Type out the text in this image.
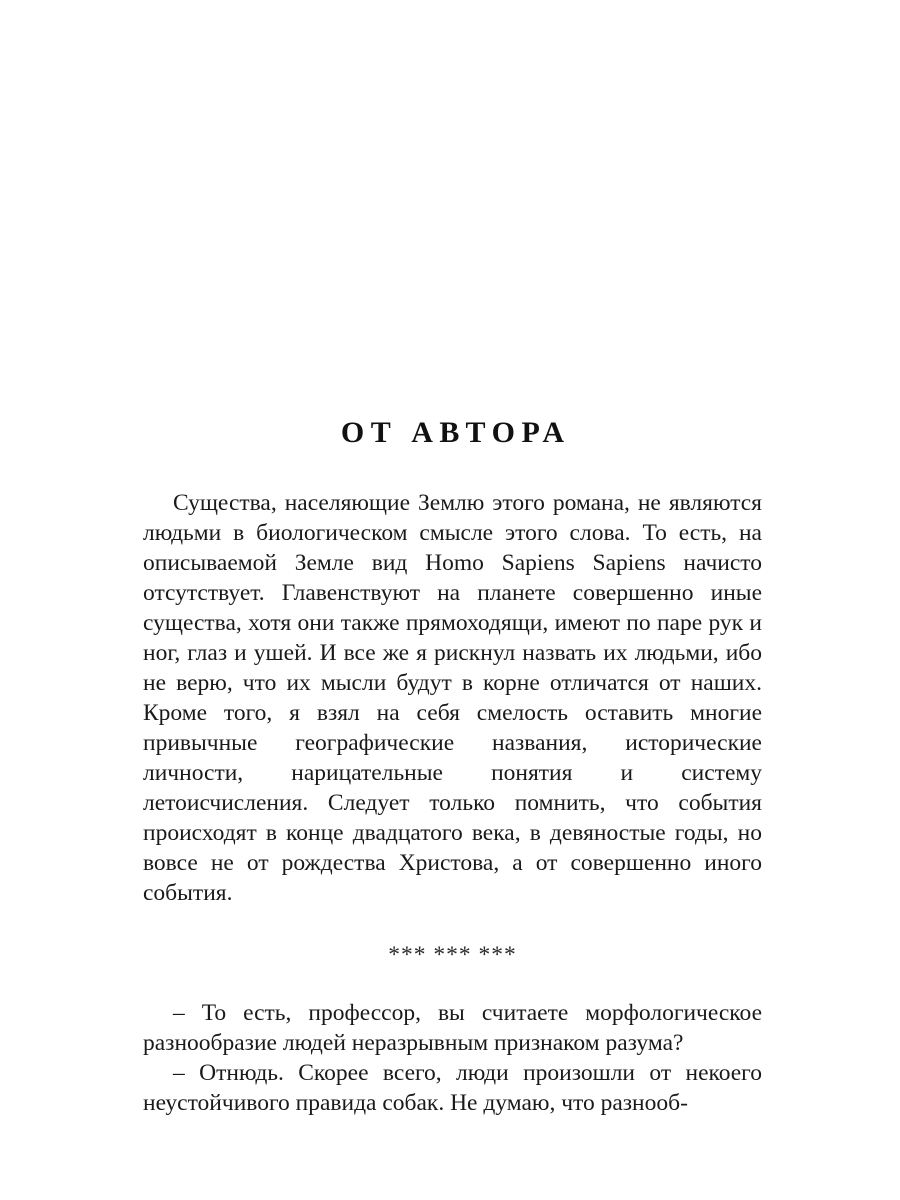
ОТ АВТОРА

Существа, населяющие Землю этого романа, не являются людьми в биологическом смысле этого слова. То есть, на описываемой Земле вид Homo Sapiens Sapiens начисто отсутствует. Главенствуют на планете совершенно иные существа, хотя они также прямоходящи, имеют по паре рук и ног, глаз и ушей. И все же я рискнул назвать их людьми, ибо не верю, что их мысли будут в корне отличатся от наших. Кроме того, я взял на себя смелость оставить многие привычные географические названия, исторические личности, нарицательные понятия и систему летоисчисления. Следует только помнить, что события происходят в конце двадцатого века, в девяностые годы, но вовсе не от рождества Христова, а от совершенно иного события.

*** *** ***

– То есть, профессор, вы считаете морфологическое разнообразие людей неразрывным признаком разума?

– Отнюдь. Скорее всего, люди произошли от некоего неустойчивого правида собак. Не думаю, что разнооб-
